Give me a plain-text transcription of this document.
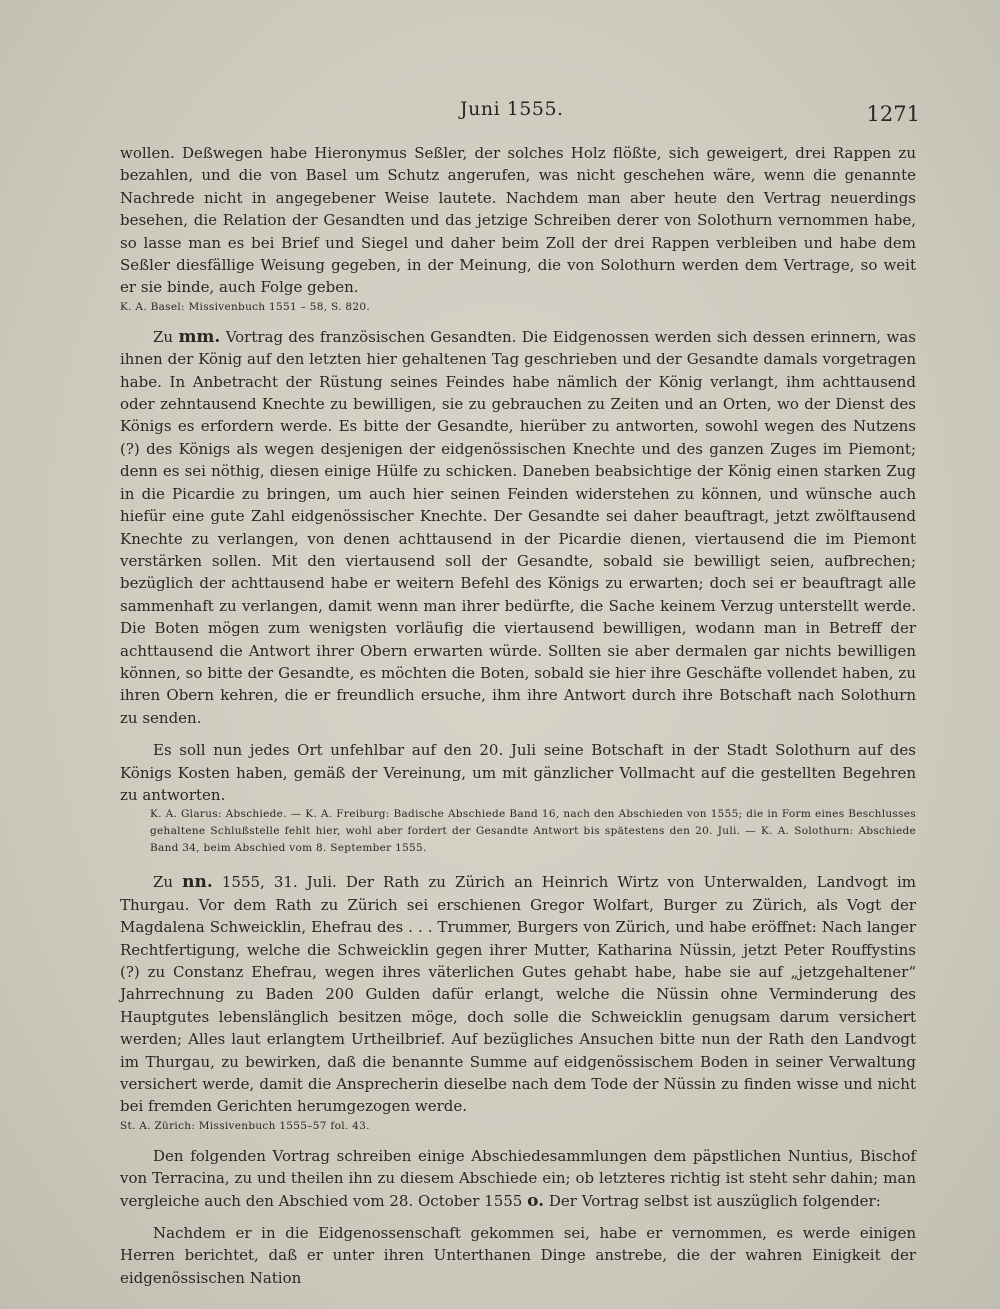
Juni 1555.	1271

wollen. Deßwegen habe Hieronymus Seßler, der solches Holz flößte, sich geweigert, drei Rappen zu bezahlen, und die von Basel um Schutz angerufen, was nicht geschehen wäre, wenn die genannte Nachrede nicht in angegebener Weise lautete. Nachdem man aber heute den Vertrag neuerdings besehen, die Relation der Gesandten und das jetzige Schreiben derer von Solothurn vernommen habe, so lasse man es bei Brief und Siegel und daher beim Zoll der drei Rappen verbleiben und habe dem Seßler diesfällige Weisung gegeben, in der Meinung, die von Solothurn werden dem Vertrage, so weit er sie binde, auch Folge geben.

K. A. Basel: Missivenbuch 1551 – 58, S. 820.

Zu mm. Vortrag des französischen Gesandten. Die Eidgenossen werden sich dessen erinnern, was ihnen der König auf den letzten hier gehaltenen Tag geschrieben und der Gesandte damals vorgetragen habe. In Anbetracht der Rüstung seines Feindes habe nämlich der König verlangt, ihm achttausend oder zehntausend Knechte zu bewilligen, sie zu gebrauchen zu Zeiten und an Orten, wo der Dienst des Königs es erfordern werde. Es bitte der Gesandte, hierüber zu antworten, sowohl wegen des Nutzens (?) des Königs als wegen desjenigen der eidgenössischen Knechte und des ganzen Zuges im Piemont; denn es sei nöthig, diesen einige Hülfe zu schicken. Daneben beabsichtige der König einen starken Zug in die Picardie zu bringen, um auch hier seinen Feinden widerstehen zu können, und wünsche auch hiefür eine gute Zahl eidgenössischer Knechte. Der Gesandte sei daher beauftragt, jetzt zwölftausend Knechte zu verlangen, von denen achttausend in der Picardie dienen, viertausend die im Piemont verstärken sollen. Mit den viertausend soll der Gesandte, sobald sie bewilligt seien, aufbrechen; bezüglich der achttausend habe er weitern Befehl des Königs zu erwarten; doch sei er beauftragt alle sammenhaft zu verlangen, damit wenn man ihrer bedürfte, die Sache keinem Verzug unterstellt werde. Die Boten mögen zum wenigsten vorläufig die viertausend bewilligen, wodann man in Betreff der achttausend die Antwort ihrer Obern erwarten würde. Sollten sie aber dermalen gar nichts bewilligen können, so bitte der Gesandte, es möchten die Boten, sobald sie hier ihre Geschäfte vollendet haben, zu ihren Obern kehren, die er freundlich ersuche, ihm ihre Antwort durch ihre Botschaft nach Solothurn zu senden.

Es soll nun jedes Ort unfehlbar auf den 20. Juli seine Botschaft in der Stadt Solothurn auf des Königs Kosten haben, gemäß der Vereinung, um mit gänzlicher Vollmacht auf die gestellten Begehren zu antworten.

K. A. Glarus: Abschiede. — K. A. Freiburg: Badische Abschiede Band 16, nach den Abschieden von 1555; die in Form eines Beschlusses gehaltene Schlußstelle fehlt hier, wohl aber fordert der Gesandte Antwort bis spätestens den 20. Juli. — K. A. Solothurn: Abschiede Band 34, beim Abschied vom 8. September 1555.

Zu nn. 1555, 31. Juli. Der Rath zu Zürich an Heinrich Wirtz von Unterwalden, Landvogt im Thurgau. Vor dem Rath zu Zürich sei erschienen Gregor Wolfart, Burger zu Zürich, als Vogt der Magdalena Schweicklin, Ehefrau des . . . Trummer, Burgers von Zürich, und habe eröffnet: Nach langer Rechtfertigung, welche die Schweicklin gegen ihrer Mutter, Katharina Nüssin, jetzt Peter Rouffystins (?) zu Constanz Ehefrau, wegen ihres väterlichen Gutes gehabt habe, habe sie auf „jetzgehaltener“ Jahrrechnung zu Baden 200 Gulden dafür erlangt, welche die Nüssin ohne Verminderung des Hauptgutes lebenslänglich besitzen möge, doch solle die Schweicklin genugsam darum versichert werden; Alles laut erlangtem Urtheilbrief. Auf bezügliches Ansuchen bitte nun der Rath den Landvogt im Thurgau, zu bewirken, daß die benannte Summe auf eidgenössischem Boden in seiner Verwaltung versichert werde, damit die Ansprecherin dieselbe nach dem Tode der Nüssin zu finden wisse und nicht bei fremden Gerichten herumgezogen werde.

St. A. Zürich: Missivenbuch 1555–57 fol. 43.

Den folgenden Vortrag schreiben einige Abschiedesammlungen dem päpstlichen Nuntius, Bischof von Terracina, zu und theilen ihn zu diesem Abschiede ein; ob letzteres richtig ist steht sehr dahin; man vergleiche auch den Abschied vom 28. October 1555 o. Der Vortrag selbst ist auszüglich folgender:

Nachdem er in die Eidgenossenschaft gekommen sei, habe er vernommen, es werde einigen Herren berichtet, daß er unter ihren Unterthanen Dinge anstrebe, die der wahren Einigkeit der eidgenössischen Nation
